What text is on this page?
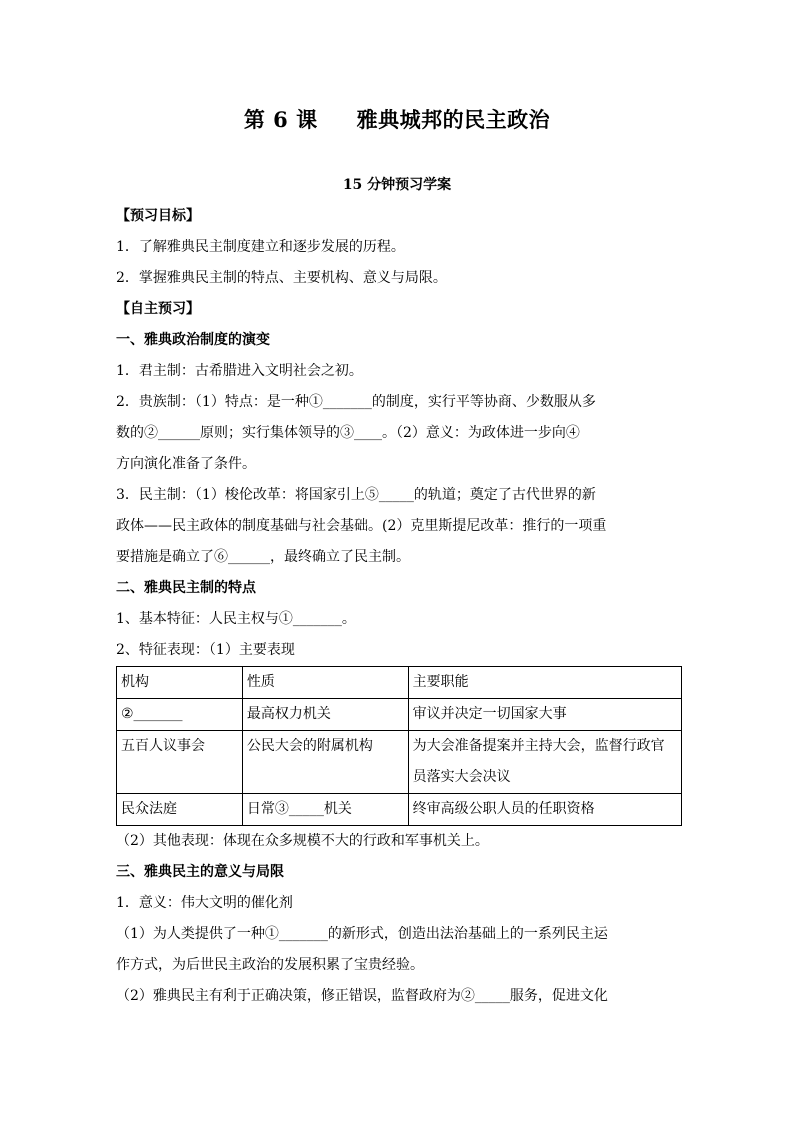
第 6 课     雅典城邦的民主政治
15 分钟预习学案
【预习目标】
1．了解雅典民主制度建立和逐步发展的历程。
2．掌握雅典民主制的特点、主要机构、意义与局限。
【自主预习】
一、雅典政治制度的演变
1．君主制：古希腊进入文明社会之初。
2．贵族制：（1）特点：是一种①_______的制度，实行平等协商、少数服从多
数的②______原则；实行集体领导的③____。（2）意义：为政体进一步向④
方向演化准备了条件。
3．民主制：（1）梭伦改革：将国家引上⑤_____的轨道；奠定了古代世界的新
政体——民主政体的制度基础与社会基础。(2）克里斯提尼改革：推行的一项重
要措施是确立了⑥______，最终确立了民主制。
二、雅典民主制的特点
1、基本特征：人民主权与①_______。
2、特征表现：（1）主要表现
机构	性质	主要职能
②_______	最高权力机关	审议并决定一切国家大事
五百人议事会	公民大会的附属机构	为大会准备提案并主持大会，监督行政官员落实大会决议
民众法庭	日常③_____机关	终审高级公职人员的任职资格
（2）其他表现：体现在众多规模不大的行政和军事机关上。
三、雅典民主的意义与局限
1．意义：伟大文明的催化剂
（1）为人类提供了一种①_______的新形式，创造出法治基础上的一系列民主运
作方式，为后世民主政治的发展积累了宝贵经验。
（2）雅典民主有利于正确决策，修正错误，监督政府为②_____服务，促进文化
